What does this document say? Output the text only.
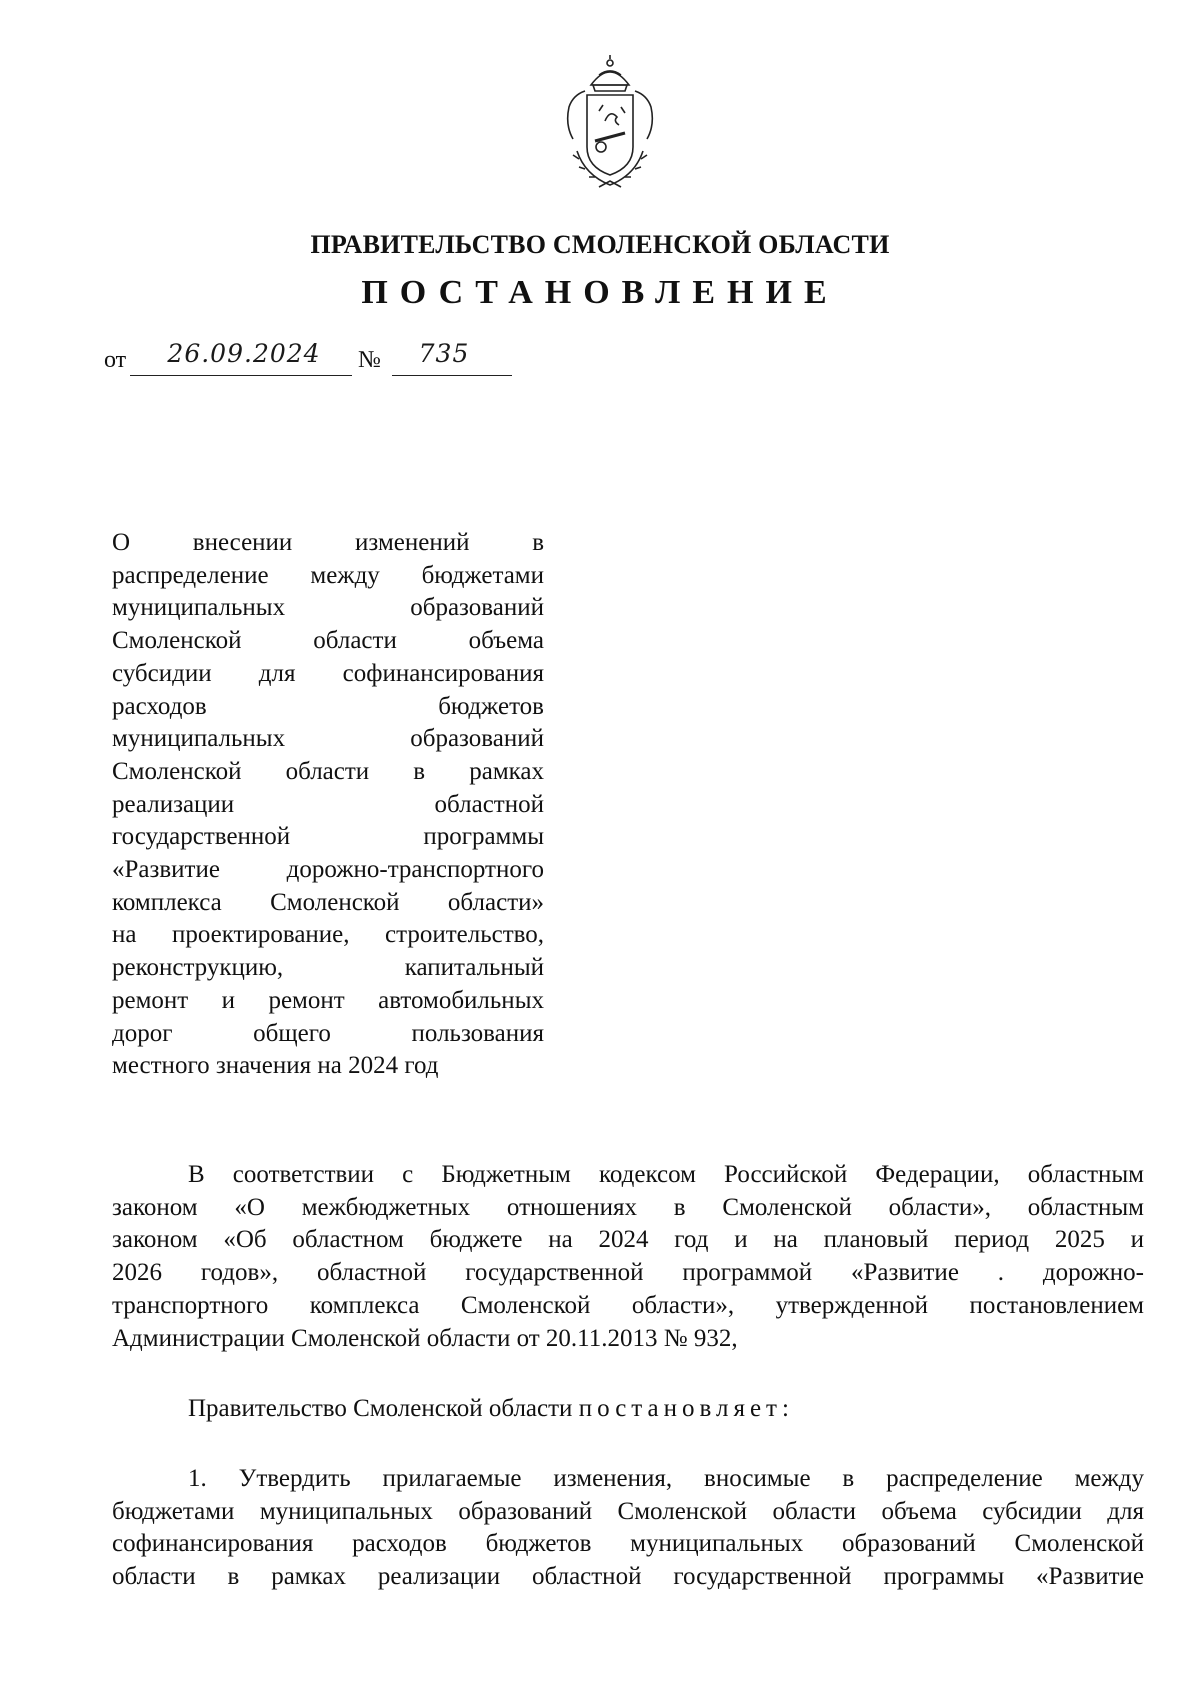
ПРАВИТЕЛЬСТВО СМОЛЕНСКОЙ ОБЛАСТИ
ПОСТАНОВЛЕНИЕ
от	26.09.2024	№	735
О внесении изменений в
распределение между бюджетами
муниципальных образований
Смоленской области объема
субсидии для софинансирования
расходов бюджетов
муниципальных образований
Смоленской области в рамках
реализации областной
государственной программы
«Развитие дорожно-транспортного
комплекса Смоленской области»
на проектирование, строительство,
реконструкцию, капитальный
ремонт и ремонт автомобильных
дорог общего пользования
местного значения на 2024 год
В соответствии с Бюджетным кодексом Российской Федерации, областным
законом «О межбюджетных отношениях в Смоленской области», областным
законом «Об областном бюджете на 2024 год и на плановый период 2025 и
2026 годов», областной государственной программой «Развитие . дорожно-
транспортного комплекса Смоленской области», утвержденной постановлением
Администрации Смоленской области от 20.11.2013 № 932,
Правительство Смоленской области постановляет:
1. Утвердить прилагаемые изменения, вносимые в распределение между
бюджетами муниципальных образований Смоленской области объема субсидии для
софинансирования расходов бюджетов муниципальных образований Смоленской
области в рамках реализации областной государственной программы «Развитие
